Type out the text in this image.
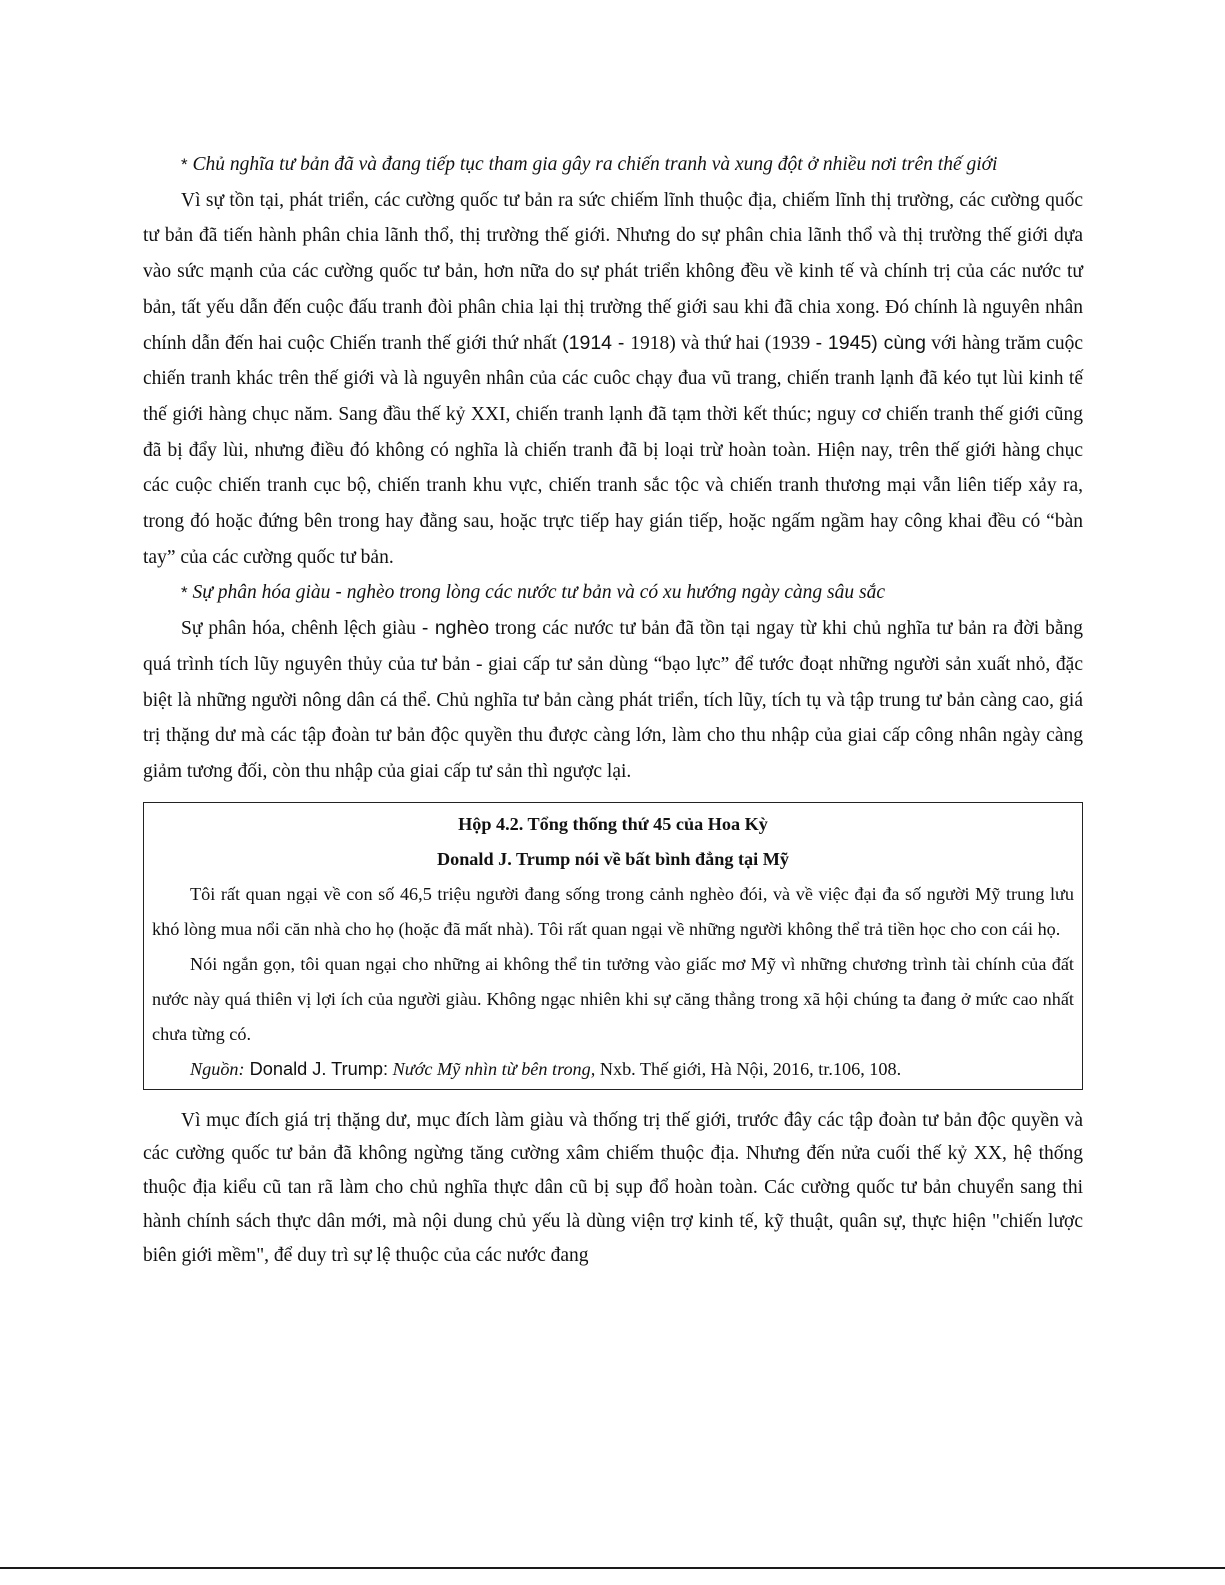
* Chủ nghĩa tư bản đã và đang tiếp tục tham gia gây ra chiến tranh và xung đột ở nhiều nơi trên thế giới

Vì sự tồn tại, phát triển, các cường quốc tư bản ra sức chiếm lĩnh thuộc địa, chiếm lĩnh thị trường, các cường quốc tư bản đã tiến hành phân chia lãnh thổ, thị trường thế giới. Nhưng do sự phân chia lãnh thổ và thị trường thế giới dựa vào sức mạnh của các cường quốc tư bản, hơn nữa do sự phát triển không đều về kinh tế và chính trị của các nước tư bản, tất yếu dẫn đến cuộc đấu tranh đòi phân chia lại thị trường thế giới sau khi đã chia xong. Đó chính là nguyên nhân chính dẫn đến hai cuộc Chiến tranh thế giới thứ nhất (1914 - 1918) và thứ hai (1939 - 1945) cùng với hàng trăm cuộc chiến tranh khác trên thế giới và là nguyên nhân của các cuôc chạy đua vũ trang, chiến tranh lạnh đã kéo tụt lùi kinh tế thế giới hàng chục năm. Sang đầu thế kỷ XXI, chiến tranh lạnh đã tạm thời kết thúc; nguy cơ chiến tranh thế giới cũng đã bị đẩy lùi, nhưng điều đó không có nghĩa là chiến tranh đã bị loại trừ hoàn toàn. Hiện nay, trên thế giới hàng chục các cuộc chiến tranh cục bộ, chiến tranh khu vực, chiến tranh sắc tộc và chiến tranh thương mại vẫn liên tiếp xảy ra, trong đó hoặc đứng bên trong hay đằng sau, hoặc trực tiếp hay gián tiếp, hoặc ngấm ngầm hay công khai đều có “bàn tay” của các cường quốc tư bản.

* Sự phân hóa giàu - nghèo trong lòng các nước tư bản và có xu hướng ngày càng sâu sắc

Sự phân hóa, chênh lệch giàu - nghèo trong các nước tư bản đã tồn tại ngay từ khi chủ nghĩa tư bản ra đời bằng quá trình tích lũy nguyên thủy của tư bản - giai cấp tư sản dùng “bạo lực” để tước đoạt những người sản xuất nhỏ, đặc biệt là những người nông dân cá thể. Chủ nghĩa tư bản càng phát triển, tích lũy, tích tụ và tập trung tư bản càng cao, giá trị thặng dư mà các tập đoàn tư bản độc quyền thu được càng lớn, làm cho thu nhập của giai cấp công nhân ngày càng giảm tương đối, còn thu nhập của giai cấp tư sản thì ngược lại.

Hộp 4.2. Tổng thống thứ 45 của Hoa Kỳ

Donald J. Trump nói về bất bình đẳng tại Mỹ

Tôi rất quan ngại về con số 46,5 triệu người đang sống trong cảnh nghèo đói, và về việc đại đa số người Mỹ trung lưu khó lòng mua nổi căn nhà cho họ (hoặc đã mất nhà). Tôi rất quan ngại về những người không thể trả tiền học cho con cái họ.

Nói ngắn gọn, tôi quan ngại cho những ai không thể tin tưởng vào giấc mơ Mỹ vì những chương trình tài chính của đất nước này quá thiên vị lợi ích của người giàu. Không ngạc nhiên khi sự căng thẳng trong xã hội chúng ta đang ở mức cao nhất chưa từng có.

Nguồn: Donald J. Trump: Nước Mỹ nhìn từ bên trong, Nxb. Thế giới, Hà Nội, 2016, tr.106, 108.

Vì mục đích giá trị thặng dư, mục đích làm giàu và thống trị thế giới, trước đây các tập đoàn tư bản độc quyền và các cường quốc tư bản đã không ngừng tăng cường xâm chiếm thuộc địa. Nhưng đến nửa cuối thế kỷ XX, hệ thống thuộc địa kiểu cũ tan rã làm cho chủ nghĩa thực dân cũ bị sụp đổ hoàn toàn. Các cường quốc tư bản chuyển sang thi hành chính sách thực dân mới, mà nội dung chủ yếu là dùng viện trợ kinh tế, kỹ thuật, quân sự, thực hiện "chiến lược biên giới mềm", để duy trì sự lệ thuộc của các nước đang
